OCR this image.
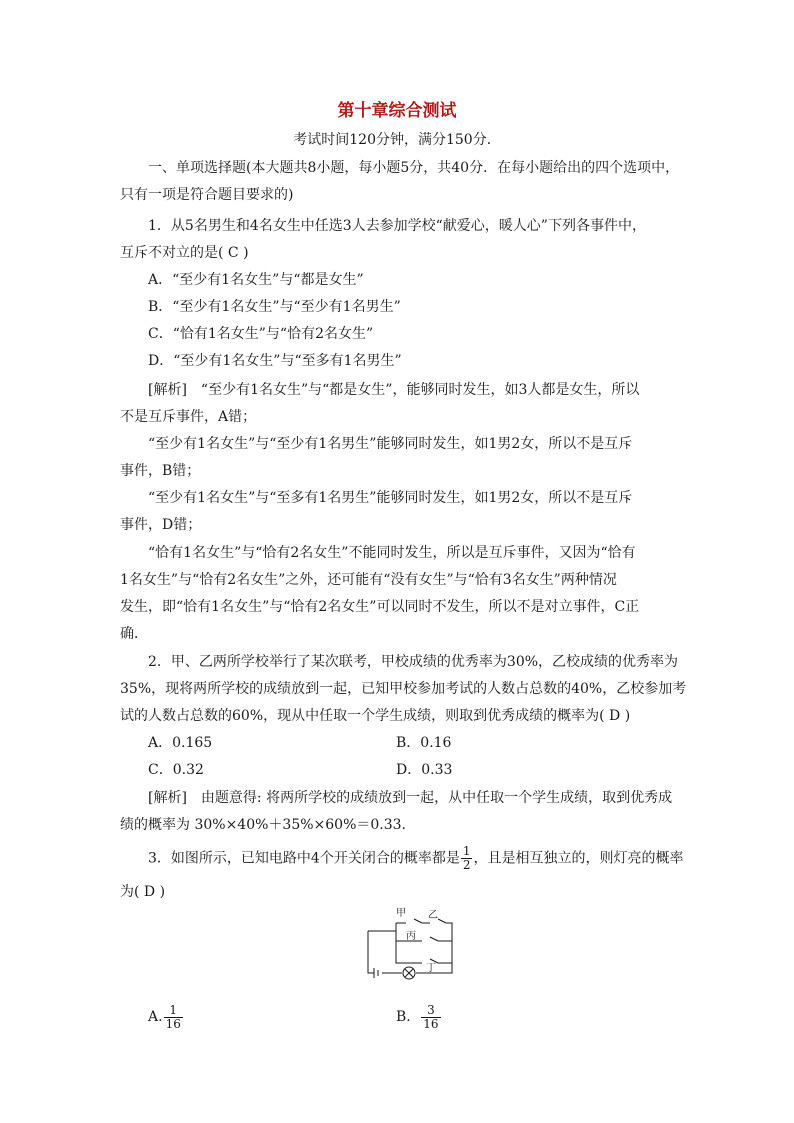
第十章综合测试
考试时间120分钟，满分150分．
一、单项选择题(本大题共8小题，每小题5分，共40分．在每小题给出的四个选项中，
只有一项是符合题目要求的)
1．从5名男生和4名女生中任选3人去参加学校“献爱心，暖人心”下列各事件中，
互斥不对立的是( C )
A．“至少有1名女生”与“都是女生”
B．“至少有1名女生”与“至少有1名男生”
C．“恰有1名女生”与“恰有2名女生”
D．“至少有1名女生”与“至多有1名男生”
[解析]　“至少有1名女生”与“都是女生”，能够同时发生，如3人都是女生，所以
不是互斥事件，A错；
“至少有1名女生”与“至少有1名男生”能够同时发生，如1男2女，所以不是互斥
事件，B错；
“至少有1名女生”与“至多有1名男生”能够同时发生，如1男2女，所以不是互斥
事件，D错；
“恰有1名女生”与“恰有2名女生”不能同时发生，所以是互斥事件，又因为“恰有
1名女生”与“恰有2名女生”之外，还可能有“没有女生”与“恰有3名女生”两种情况
发生，即“恰有1名女生”与“恰有2名女生”可以同时不发生，所以不是对立事件，C正
确．
2．甲、乙两所学校举行了某次联考，甲校成绩的优秀率为30%，乙校成绩的优秀率为
35%，现将两所学校的成绩放到一起，已知甲校参加考试的人数占总数的40%，乙校参加考
试的人数占总数的60%，现从中任取一个学生成绩，则取到优秀成绩的概率为( D )
A．0.165	B．0.16
C．0.32	D．0.33
[解析]　由题意得: 将两所学校的成绩放到一起，从中任取一个学生成绩，取到优秀成
绩的概率为 30%×40%＋35%×60%＝0.33.
3．如图所示，已知电路中4个开关闭合的概率都是 $\frac{1}{2}$ ，且是相互独立的，则灯亮的概率
为( D )
甲 乙
丙
丁
A. $\frac{1}{16}$	B． $\frac{3}{16}$
